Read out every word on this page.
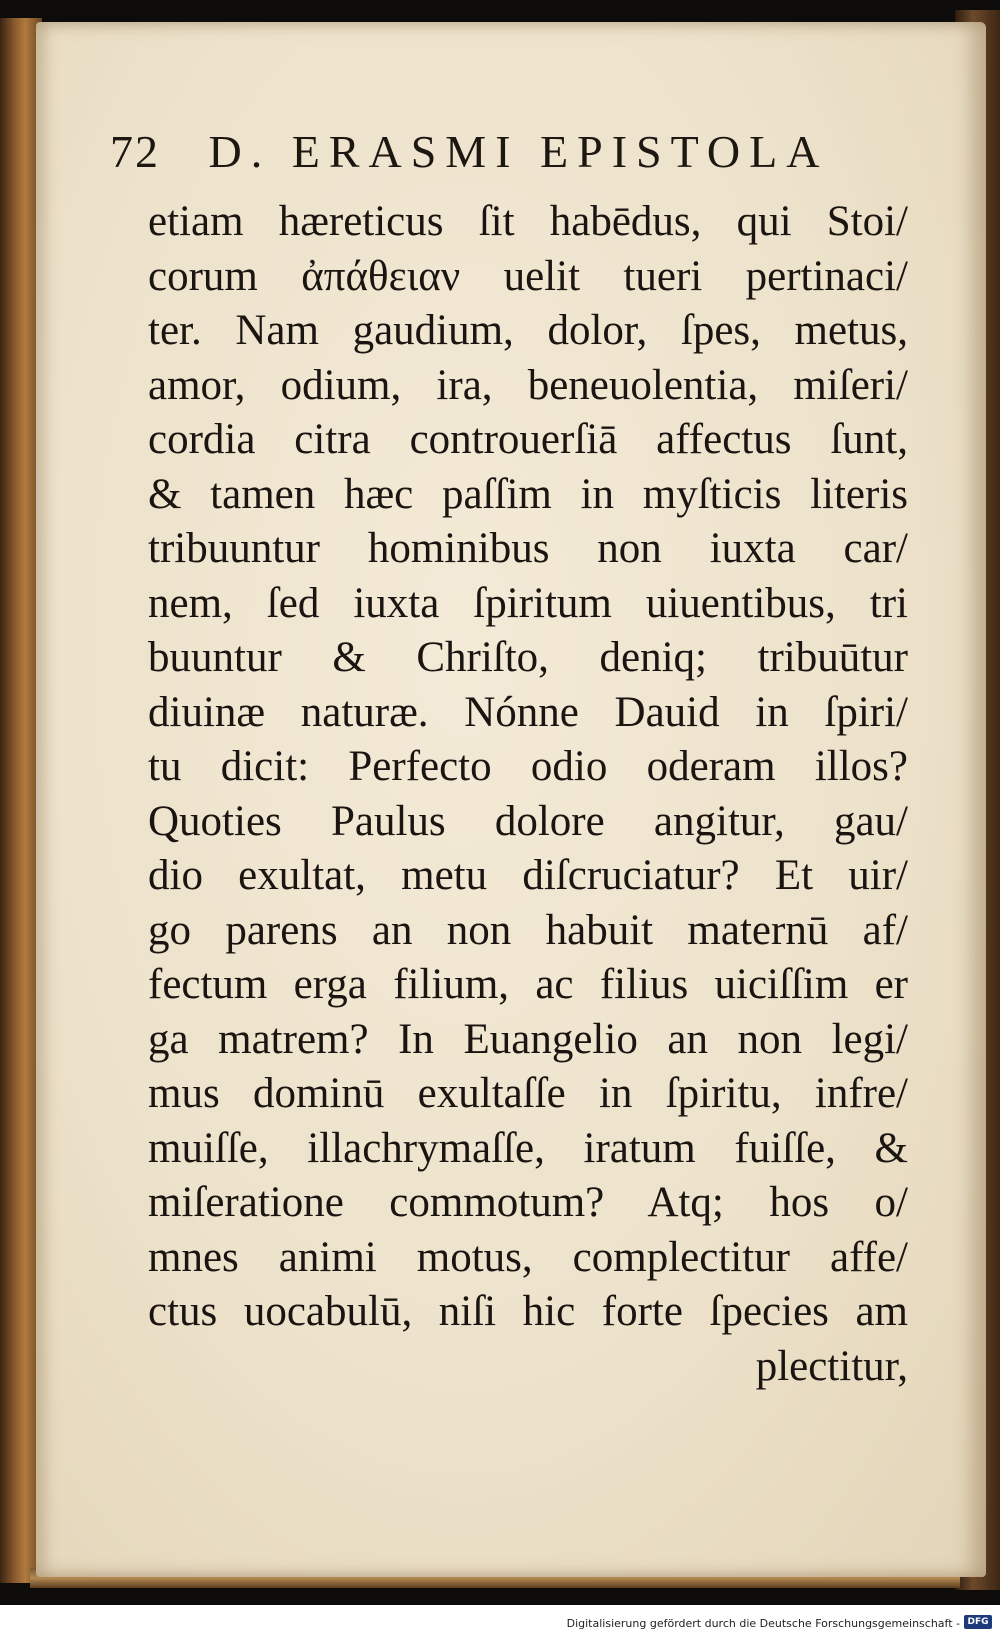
72 D. ERASMI EPISTOLA
etiam hæreticus ſit habēdus, qui Stoi/
corum ἀπάθειαν uelit tueri pertinaci/
ter. Nam gaudium, dolor, ſpes, metus,
amor, odium, ira, beneuolentia, miſeri/
cordia citra controuerſiā affectus ſunt,
& tamen hæc paſſim in myſticis literis
tribuuntur hominibus non iuxta car/
nem, ſed iuxta ſpiritum uiuentibus, tri
buuntur & Chriſto, deniq; tribuūtur
diuinæ naturæ. Nónne Dauid in ſpiri/
tu dicit: Perfecto odio oderam illos?
Quoties Paulus dolore angitur, gau/
dio exultat, metu diſcruciatur? Et uir/
go parens an non habuit maternū af/
fectum erga filium, ac filius uiciſſim er
ga matrem? In Euangelio an non legi/
mus dominū exultaſſe in ſpiritu, infre/
muiſſe, illachrymaſſe, iratum fuiſſe, &
miſeratione commotum? Atq; hos o/
mnes animi motus, complectitur affe/
ctus uocabulū, niſi hic forte ſpecies am
plectitur,
Digitalisierung gefördert durch die Deutsche Forschungsgemeinschaft - DFG
